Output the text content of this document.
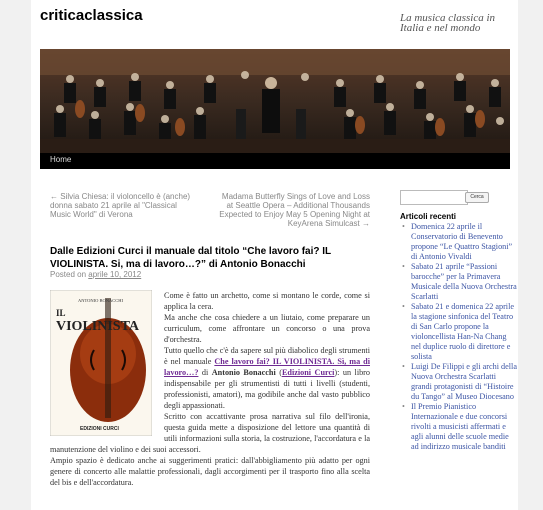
criticaclassica	La musica classica in Italia e nel mondo
Home
← Silvia Chiesa: il violoncello è (anche) donna sabato 21 aprile al "Classical Music World" di Verona
Madama Butterfly Sings of Love and Loss at Seattle Opera – Additional Thousands Expected to Enjoy May 5 Opening Night at KeyArena Simulcast →
Dalle Edizioni Curci il manuale dal titolo “Che lavoro fai? IL VIOLINISTA. Si, ma di lavoro…?” di Antonio Bonacchi
Posted on aprile 10, 2012
ANTONIO BONACCHI
IL
VIOLINISTA
EDIZIONI CURCI

Come è fatto un archetto, come si montano le corde, come si applica la cera.

Ma anche che cosa chiedere a un liutaio, come preparare un curriculum, come affrontare un concorso o una prova d'orchestra.

Tutto quello che c'è da sapere sul più diabolico degli strumenti è nel manuale Che lavoro fai? IL VIOLINISTA. Sì, ma di lavoro…? di Antonio Bonacchi (Edizioni Curci): un libro indispensabile per gli strumentisti di tutti i livelli (studenti, professionisti, amatori), ma godibile anche dal vasto pubblico degli appassionati.

Scritto con accattivante prosa narrativa sul filo dell'ironia, questa guida mette a disposizione del lettore una quantità di utili informazioni sulla storia, la costruzione, l'accordatura e la manutenzione del violino e dei suoi accessori.

Ampio spazio è dedicato anche ai suggerimenti pratici: dall'abbigliamento più adatto per ogni genere di concerto alle malattie professionali, dagli accorgimenti per il trasporto fino alla scelta del bis e dell'accordatura.

Cerca
Articoli recenti
• Domenica 22 aprile il Conservatorio di Benevento propone “Le Quattro Stagioni” di Antonio Vivaldi
• Sabato 21 aprile “Passioni barocche” per la Primavera Musicale della Nuova Orchestra Scarlatti
• Sabato 21 e domenica 22 aprile la stagione sinfonica del Teatro di San Carlo propone la violoncellista Han-Na Chang nel duplice ruolo di direttore e solista
• Luigi De Filippi e gli archi della Nuova Orchestra Scarlatti grandi protagonisti di “Histoire du Tango” al Museo Diocesano
• Il Premio Pianistico Internazionale e due concorsi rivolti a musicisti affermati e agli alunni delle scuole medie ad indirizzo musicale banditi
